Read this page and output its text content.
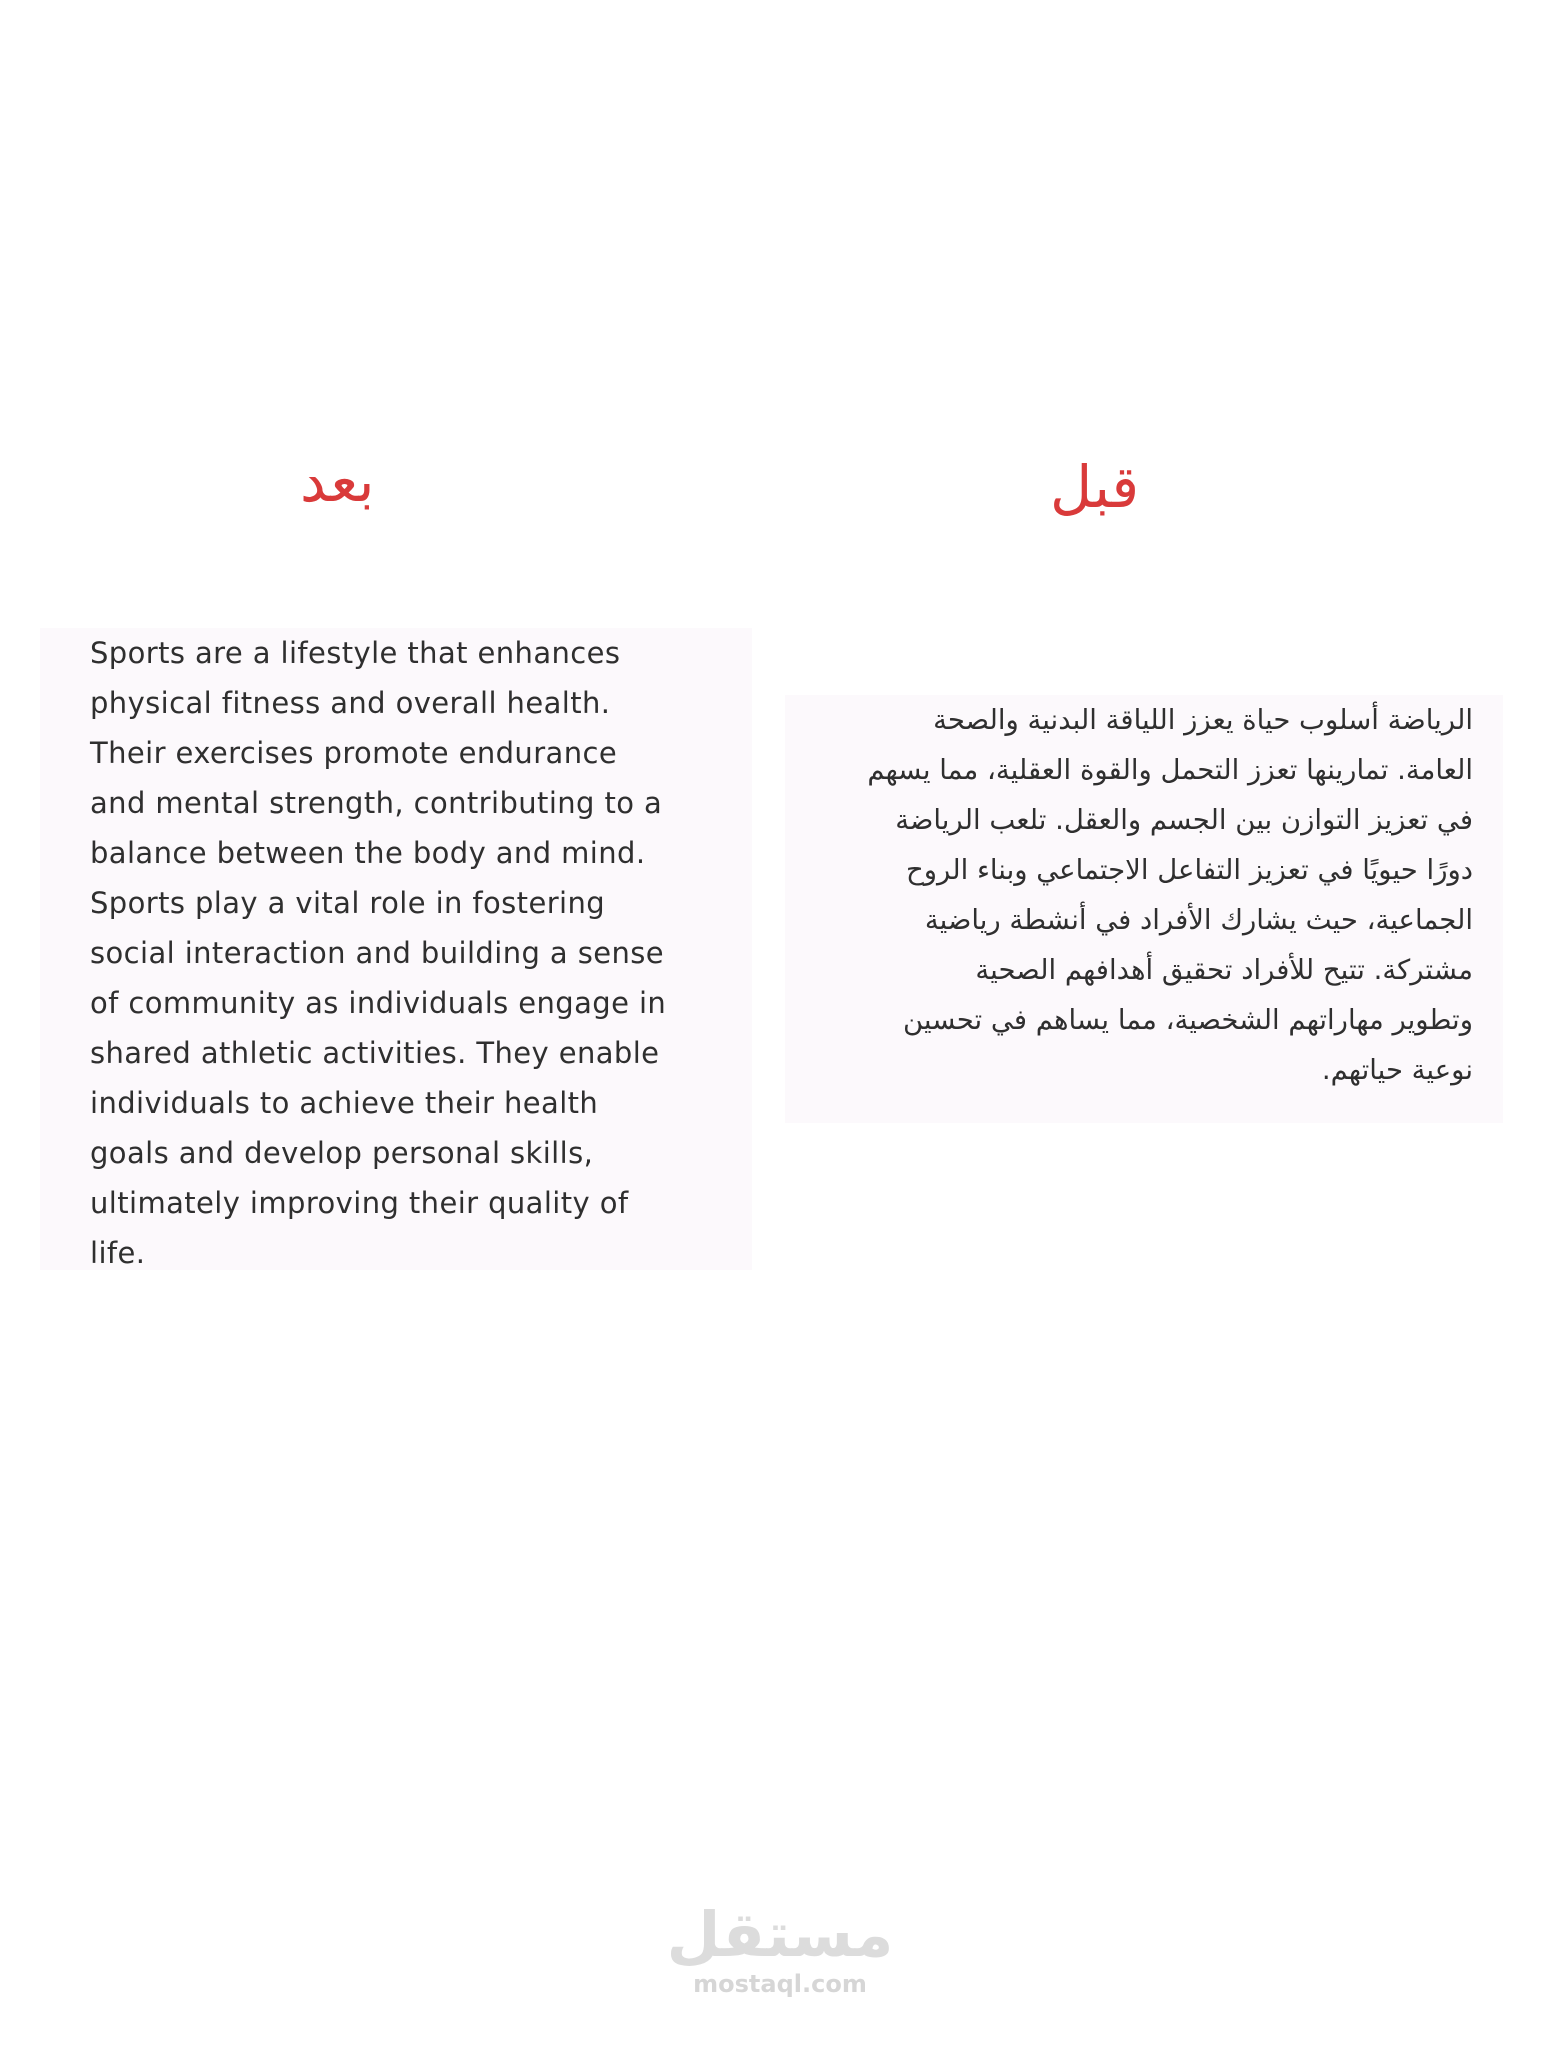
بعد	قبل
Sports are a lifestyle that enhances
physical fitness and overall health.
Their exercises promote endurance
and mental strength, contributing to a
balance between the body and mind.
Sports play a vital role in fostering
social interaction and building a sense
of community as individuals engage in
shared athletic activities. They enable
individuals to achieve their health
goals and develop personal skills,
ultimately improving their quality of
life.
الرياضة أسلوب حياة يعزز اللياقة البدنية والصحة
العامة. تمارينها تعزز التحمل والقوة العقلية، مما يسهم
في تعزيز التوازن بين الجسم والعقل. تلعب الرياضة
دورًا حيويًا في تعزيز التفاعل الاجتماعي وبناء الروح
الجماعية، حيث يشارك الأفراد في أنشطة رياضية
مشتركة. تتيح للأفراد تحقيق أهدافهم الصحية
وتطوير مهاراتهم الشخصية، مما يساهم في تحسين
نوعية حياتهم.
مستقل
mostaql.com
